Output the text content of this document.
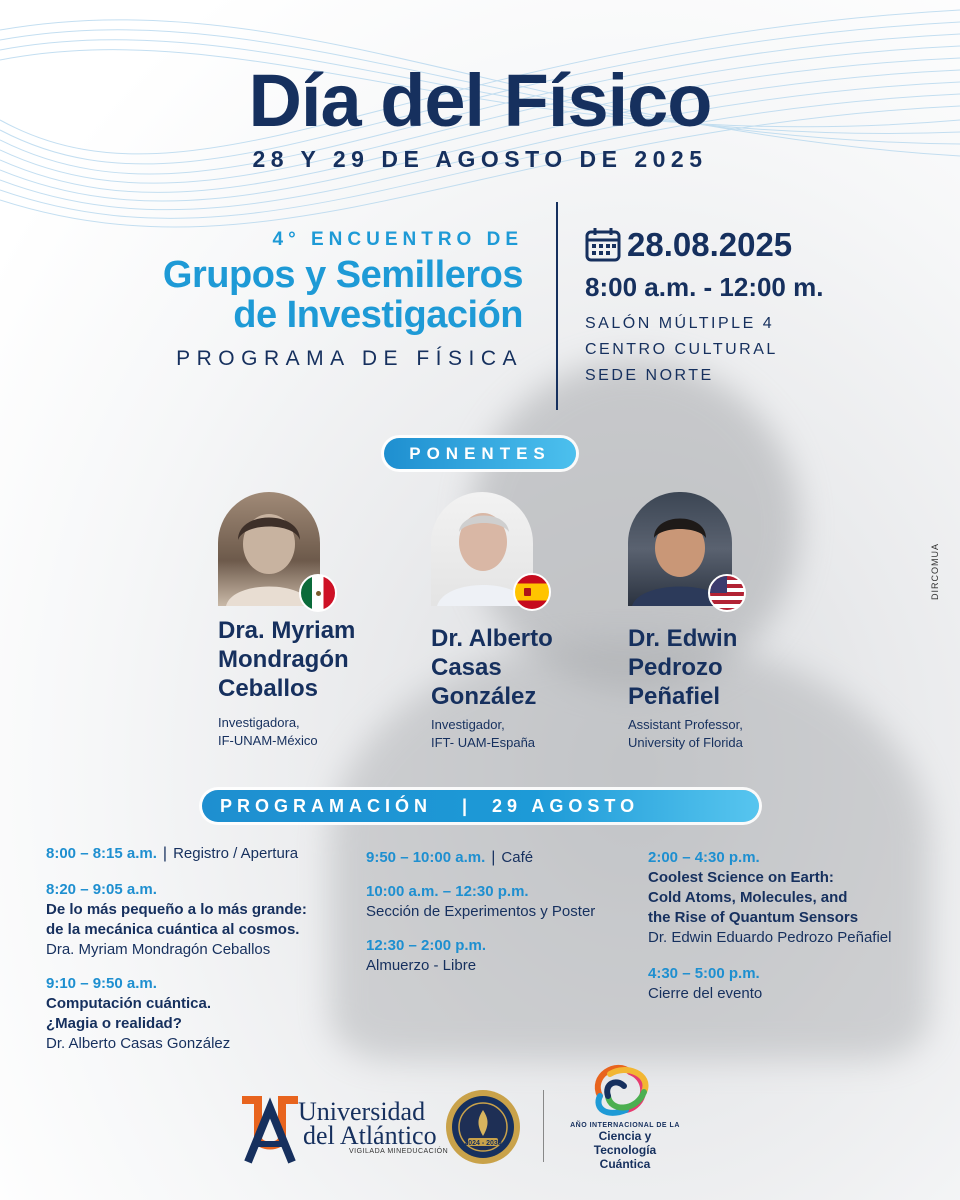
Día del Físico
28 Y 29 DE AGOSTO DE 2025
4° ENCUENTRO DE
Grupos y Semilleros
de Investigación
PROGRAMA DE FÍSICA
28.08.2025
8:00 a.m. - 12:00 m.
SALÓN MÚLTIPLE 4
CENTRO CULTURAL
SEDE NORTE
PONENTES
Dra. Myriam
Mondragón
Ceballos
Investigadora,
IF-UNAM-México
Dr. Alberto
Casas
González
Investigador,
IFT- UAM-España
Dr. Edwin
Pedrozo
Peñafiel
Assistant Professor,
University of Florida
DIRCOMUA
PROGRAMACIÓN | 29 AGOSTO
8:00 – 8:15 a.m. | Registro / Apertura
8:20 – 9:05 a.m.
De lo más pequeño a lo más grande:
de la mecánica cuántica al cosmos.
Dra. Myriam Mondragón Ceballos
9:10 – 9:50 a.m.
Computación cuántica.
¿Magia o realidad?
Dr. Alberto Casas González
9:50 – 10:00 a.m. | Café
10:00 a.m. – 12:30 p.m.
Sección de Experimentos y Poster
12:30 – 2:00 p.m.
Almuerzo - Libre
2:00 – 4:30 p.m.
Coolest Science on Earth:
Cold Atoms, Molecules, and
the Rise of Quantum Sensors
Dr. Edwin Eduardo Pedrozo Peñafiel
4:30 – 5:00 p.m.
Cierre del evento
Universidad
del Atlántico
VIGILADA MINEDUCACIÓN
2024 - 2030
AÑO INTERNACIONAL DE LA
Ciencia y Tecnología
Cuántica
